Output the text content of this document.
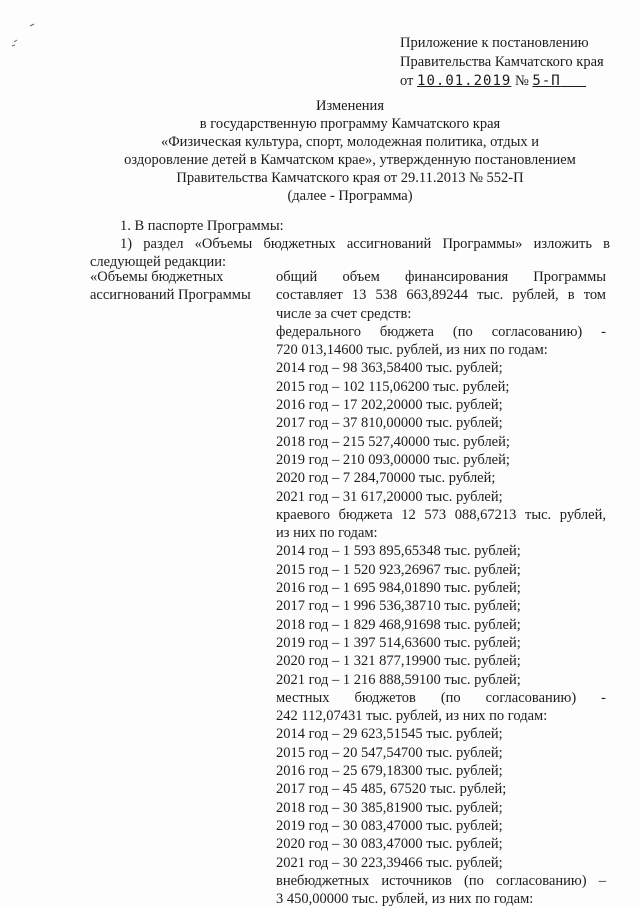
Приложение к постановлению
Правительства Камчатского края
от 10.01.2019 № 5-П
Изменения
в государственную программу Камчатского края
«Физическая культура, спорт, молодежная политика, отдых и
оздоровление детей в Камчатском крае», утвержденную постановлением
Правительства Камчатского края от 29.11.2013 № 552-П
(далее - Программа)
1. В паспорте Программы:
1) раздел «Объемы бюджетных ассигнований Программы» изложить в
следующей редакции:
«Объемы бюджетных
ассигнований Программы
общий объем финансирования Программы
составляет 13 538 663,89244 тыс. рублей, в том
числе за счет средств:
федерального бюджета (по согласованию) -
720 013,14600 тыс. рублей, из них по годам:
2014 год – 98 363,58400 тыс. рублей;
2015 год – 102 115,06200 тыс. рублей;
2016 год – 17 202,20000 тыс. рублей;
2017 год – 37 810,00000 тыс. рублей;
2018 год – 215 527,40000 тыс. рублей;
2019 год – 210 093,00000 тыс. рублей;
2020 год – 7 284,70000 тыс. рублей;
2021 год – 31 617,20000 тыс. рублей;
краевого бюджета 12 573 088,67213 тыс. рублей,
из них по годам:
2014 год – 1 593 895,65348 тыс. рублей;
2015 год – 1 520 923,26967 тыс. рублей;
2016 год – 1 695 984,01890 тыс. рублей;
2017 год – 1 996 536,38710 тыс. рублей;
2018 год – 1 829 468,91698 тыс. рублей;
2019 год – 1 397 514,63600 тыс. рублей;
2020 год – 1 321 877,19900 тыс. рублей;
2021 год – 1 216 888,59100 тыс. рублей;
местных бюджетов (по согласованию) -
242 112,07431 тыс. рублей, из них по годам:
2014 год – 29 623,51545 тыс. рублей;
2015 год – 20 547,54700 тыс. рублей;
2016 год – 25 679,18300 тыс. рублей;
2017 год – 45 485, 67520 тыс. рублей;
2018 год – 30 385,81900 тыс. рублей;
2019 год – 30 083,47000 тыс. рублей;
2020 год – 30 083,47000 тыс. рублей;
2021 год – 30 223,39466 тыс. рублей;
внебюджетных источников (по согласованию) –
3 450,00000 тыс. рублей, из них по годам:
